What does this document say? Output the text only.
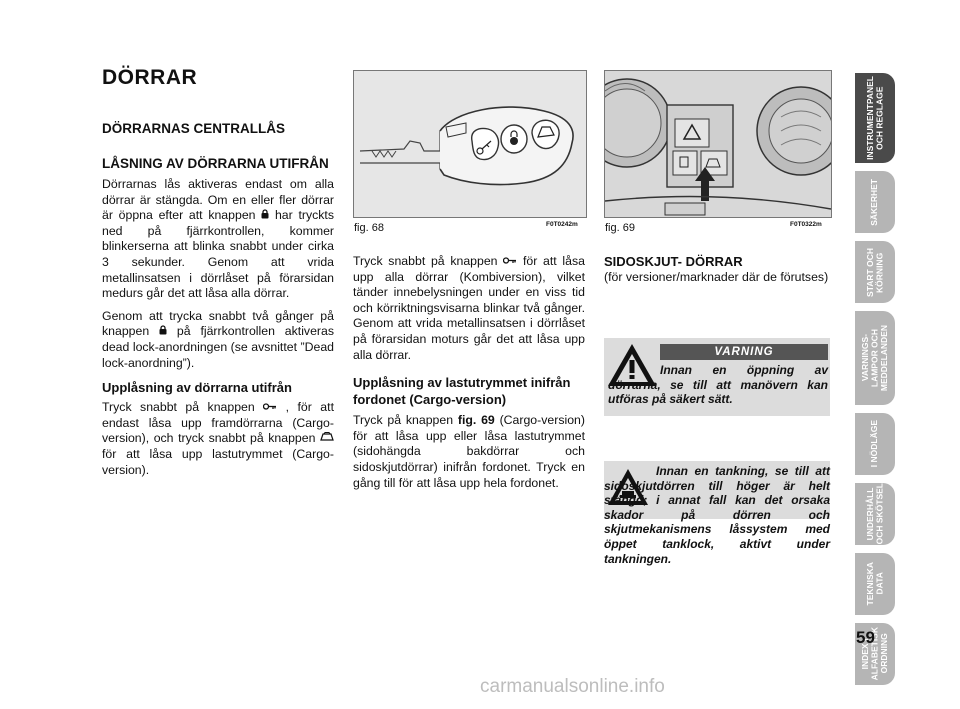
DÖRRAR
DÖRRARNAS CENTRALLÅS
LÅSNING AV DÖRRARNA UTIFRÅN

Dörrarnas lås aktiveras endast om alla dörrar är stängda. Om en eller fler dörrar är öppna efter att knappen har tryckts ned på fjärrkontrollen, kommer blinkerserna att blinka snabbt under cirka 3 sekunder. Genom att vrida metallinsatsen i dörrlåset på förarsidan medurs går det att låsa alla dörrar.

Genom att trycka snabbt två gånger på knappen på fjärrkontrollen aktiveras dead lock-anordningen (se avsnittet ”Dead lock-anordning”).

Upplåsning av dörrarna utifrån

Tryck snabbt på knappen	, för att endast låsa upp framdörrarna (Cargo-version), och tryck snabbt på knappen  för att låsa upp lastutrymmet (Cargo-version).

fig. 68	F0T0242m

Tryck snabbt på knappen för att låsa upp alla dörrar (Kombiversion), vilket tänder innebelysningen under en viss tid och körriktningsvisarna blinkar två gånger. Genom att vrida metallinsatsen i dörrlåset på förarsidan moturs går det att låsa upp alla dörrar.

Upplåsning av lastutrymmet inifrån fordonet (Cargo-version)

Tryck på knappen fig. 69 (Cargo-version) för att låsa upp eller låsa lastutrymmet (sidohängda bakdörrar och sidoskjutdörrar) inifrån fordonet. Tryck en gång till för att låsa upp hela fordonet.

fig. 69	F0T0322m
SIDOSKJUT- DÖRRAR
(för versioner/marknader där de förutses)
VARNING
Innan en öppning av dörrarna, se till att manövern kan utföras på säkert sätt.
Innan en tankning, se till att sidoskjutdörren till höger är helt stängd; i annat fall kan det orsaka skador på dörren och skjutmekanismens låssystem med öppet tanklock, aktivt under tankningen.
INSTRUMENTPANEL
OCH REGLAGE
SÄKERHET
START OCH
KÖRNING
VARNINGS-
LAMPOR OCH
MEDDELANDEN
I NÖDLÄGE
UNDERHÅLL
OCH SKÖTSEL
TEKNISKA
DATA
INDEX I
ALFABETISK
ORDNING
59
carmanualsonline.info
